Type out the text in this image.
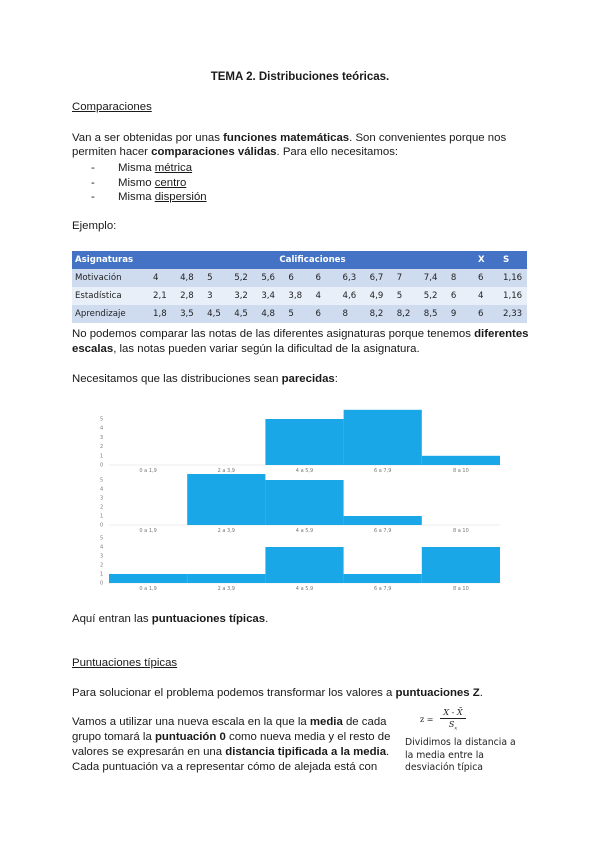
TEMA 2. Distribuciones teóricas.
Comparaciones
Van a ser obtenidas por unas funciones matemáticas. Son convenientes porque nos
permiten hacer comparaciones válidas. Para ello necesitamos:
- Misma métrica
- Mismo centro
- Misma dispersión
Ejemplo:
Asignaturas	Calificaciones												X	S
Motivación	4	4,8	5	5,2	5,6	6	6	6,3	6,7	7	7,4	8	6	1,16
Estadística	2,1	2,8	3	3,2	3,4	3,8	4	4,6	4,9	5	5,2	6	4	1,16
Aprendizaje	1,8	3,5	4,5	4,5	4,8	5	6	8	8,2	8,2	8,5	9	6	2,33
No podemos comparar las notas de las diferentes asignaturas porque tenemos diferentes
escalas, las notas pueden variar según la dificultad de la asignatura.
Necesitamos que las distribuciones sean parecidas:
0
1
2
3
4
5
0 a 1,9	2 a 3,9	4 a 5,9	6 a 7,9	8 a 10
0
1
2
3
4
5
0 a 1,9	2 a 3,9	4 a 5,9	6 a 7,9	8 a 10
0
1
2
3
4
5
0 a 1,9	2 a 3,9	4 a 5,9	6 a 7,9	8 a 10
Aquí entran las puntuaciones típicas.
Puntuaciones típicas
Para solucionar el problema podemos transformar los valores a puntuaciones Z.
Vamos a utilizar una nueva escala en la que la media de cada
grupo tomará la puntuación 0 como nueva media y el resto de
valores se expresarán en una distancia tipificada a la media.
Cada puntuación va a representar cómo de alejada está con
z =
X - X̄
$S_x$
Dividimos la distancia a
la media entre la
desviación típica
